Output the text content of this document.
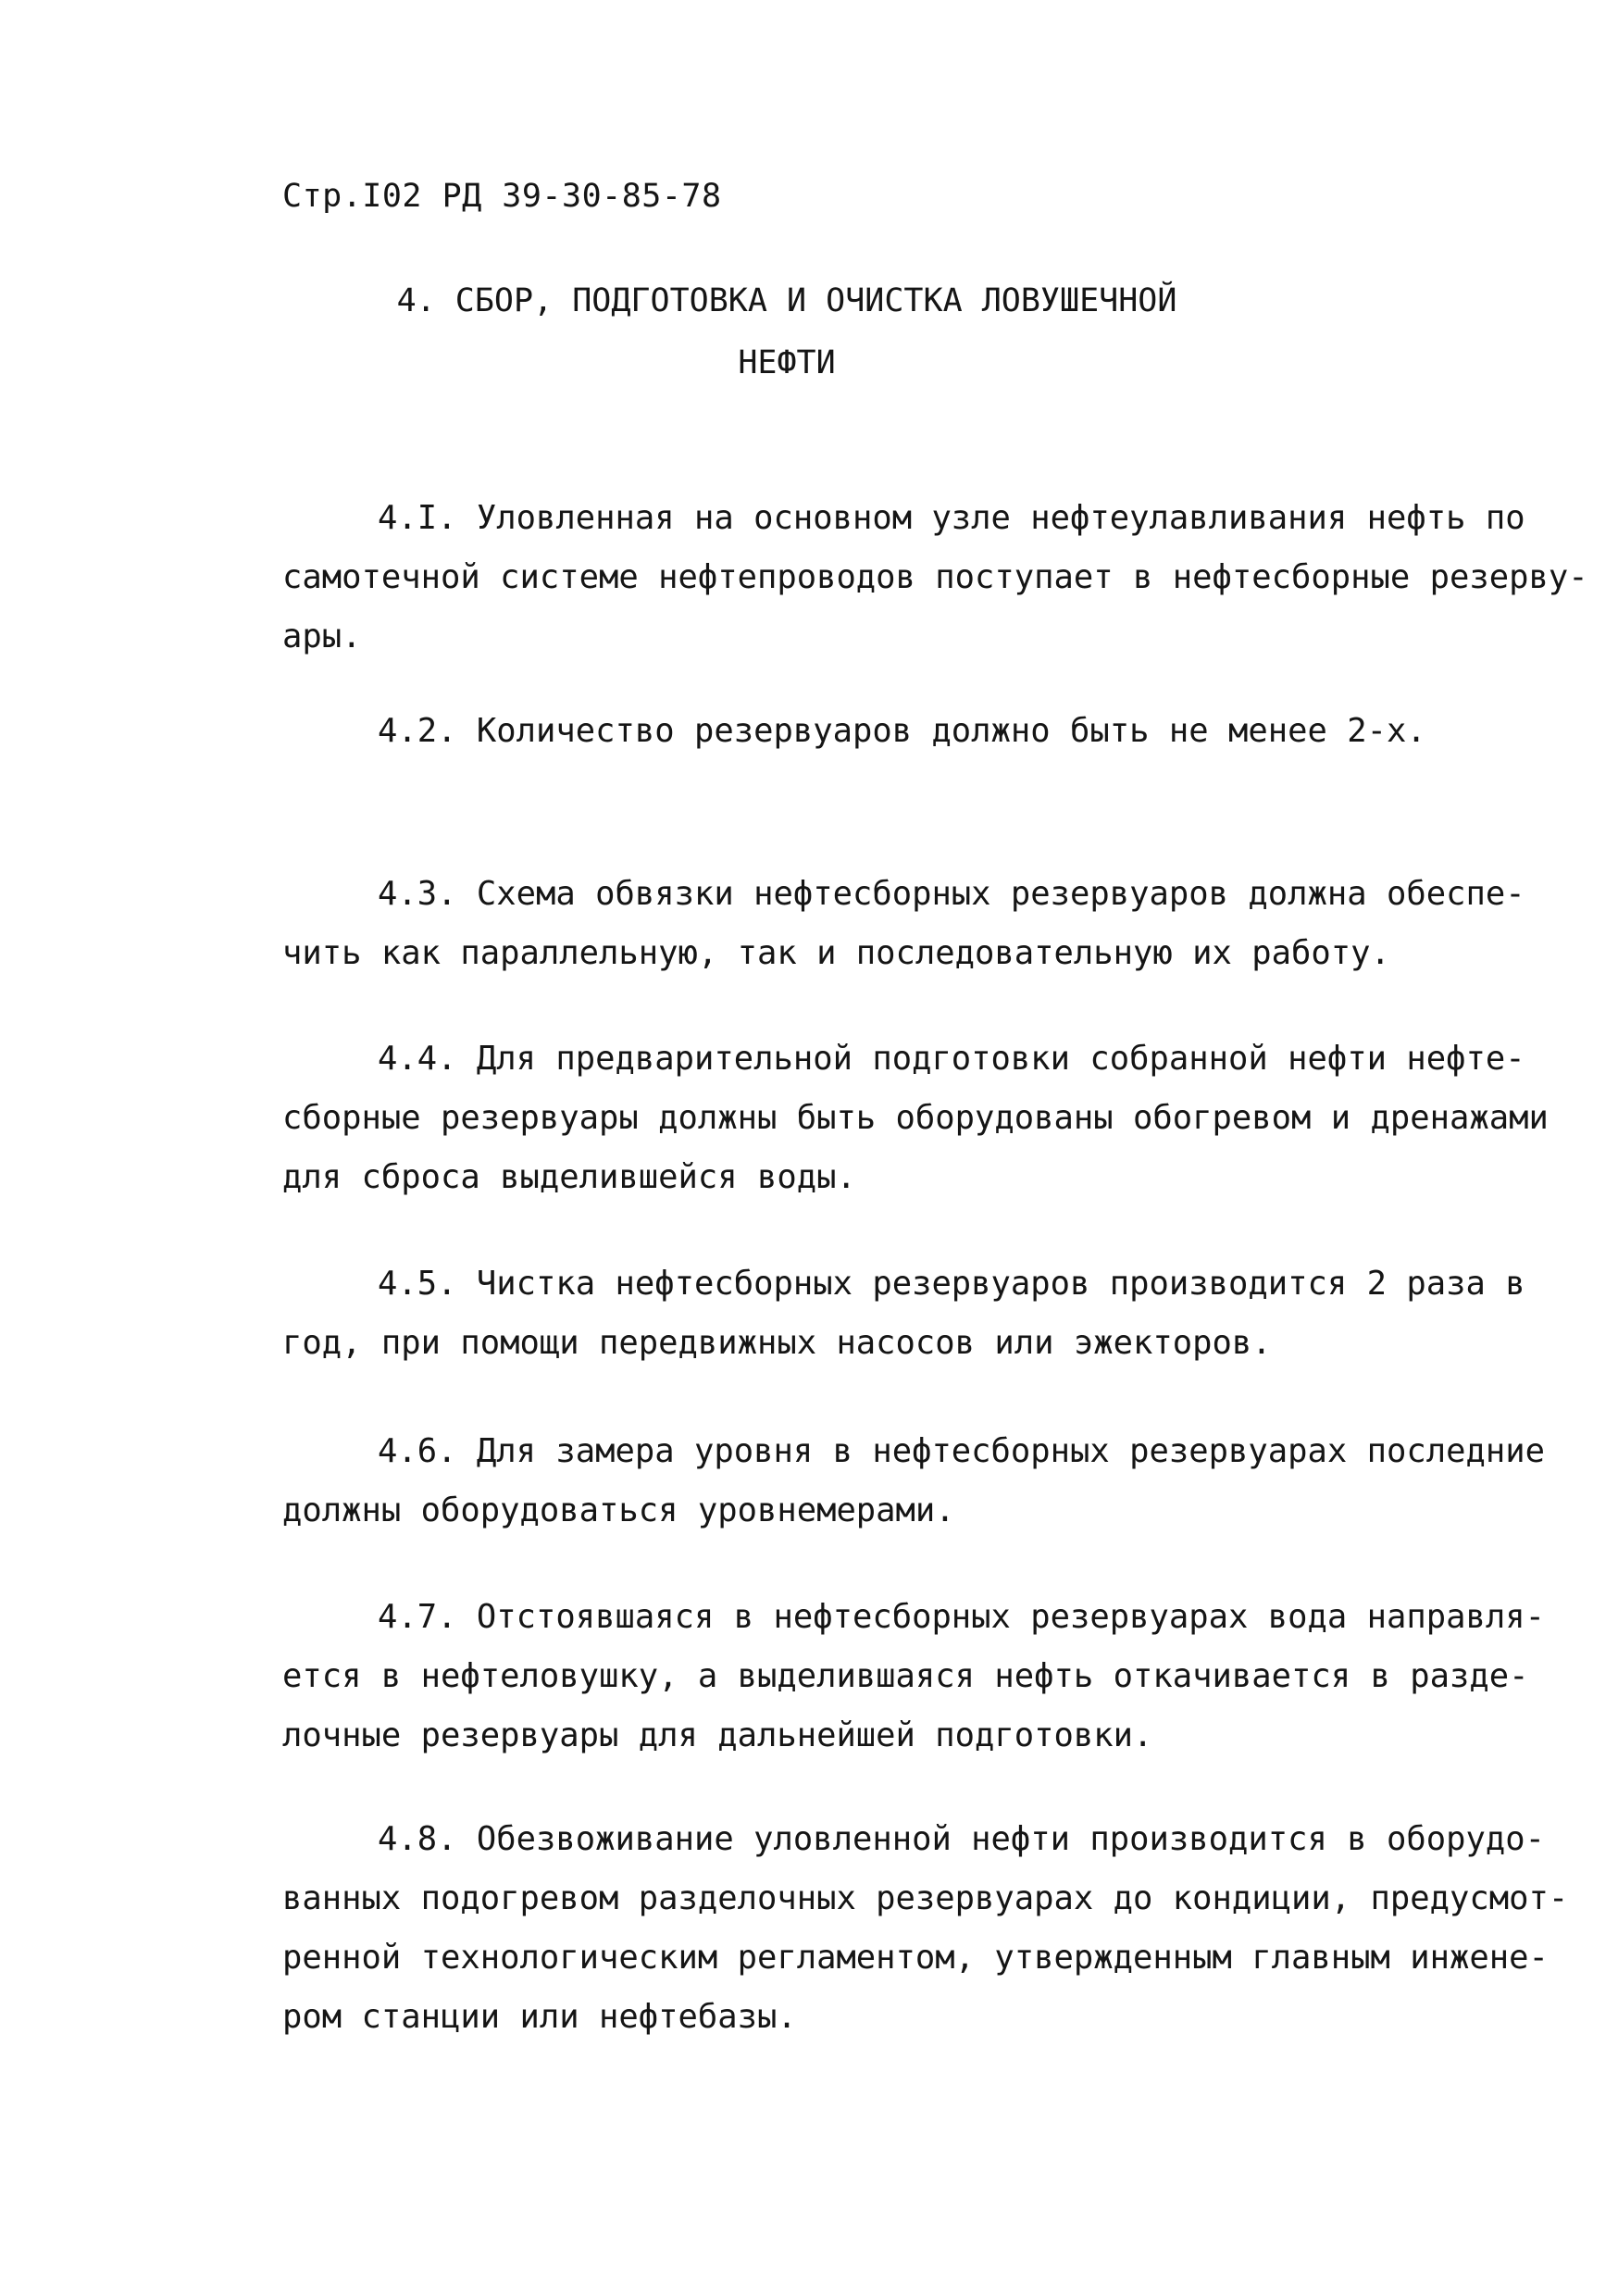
Стр.I02 РД 39-30-85-78
4. СБОР, ПОДГОТОВКА И ОЧИСТКА ЛОВУШЕЧНОЙ
НЕФТИ
4.I. Уловленная на основном узле нефтеулавливания нефть по
самотечной системе нефтепроводов поступает в нефтесборные резерву-
ары.
4.2. Количество резервуаров должно быть не менее 2-х.
4.3. Схема обвязки нефтесборных резервуаров должна обеспе-
чить как параллельную, так и последовательную их работу.
4.4. Для предварительной подготовки собранной нефти нефте-
сборные резервуары должны быть оборудованы обогревом и дренажами
для сброса выделившейся воды.
4.5. Чистка нефтесборных резервуаров производится 2 раза в
год, при помощи передвижных насосов или эжекторов.
4.6. Для замера уровня в нефтесборных резервуарах последние
должны оборудоваться уровнемерами.
4.7. Отстоявшаяся в нефтесборных резервуарах вода направля-
ется в нефтеловушку, а выделившаяся нефть откачивается в разде-
лочные резервуары для дальнейшей подготовки.
4.8. Обезвоживание уловленной нефти производится в оборудо-
ванных подогревом разделочных резервуарах до кондиции, предусмот-
ренной технологическим регламентом, утвержденным главным инжене-
ром станции или нефтебазы.
